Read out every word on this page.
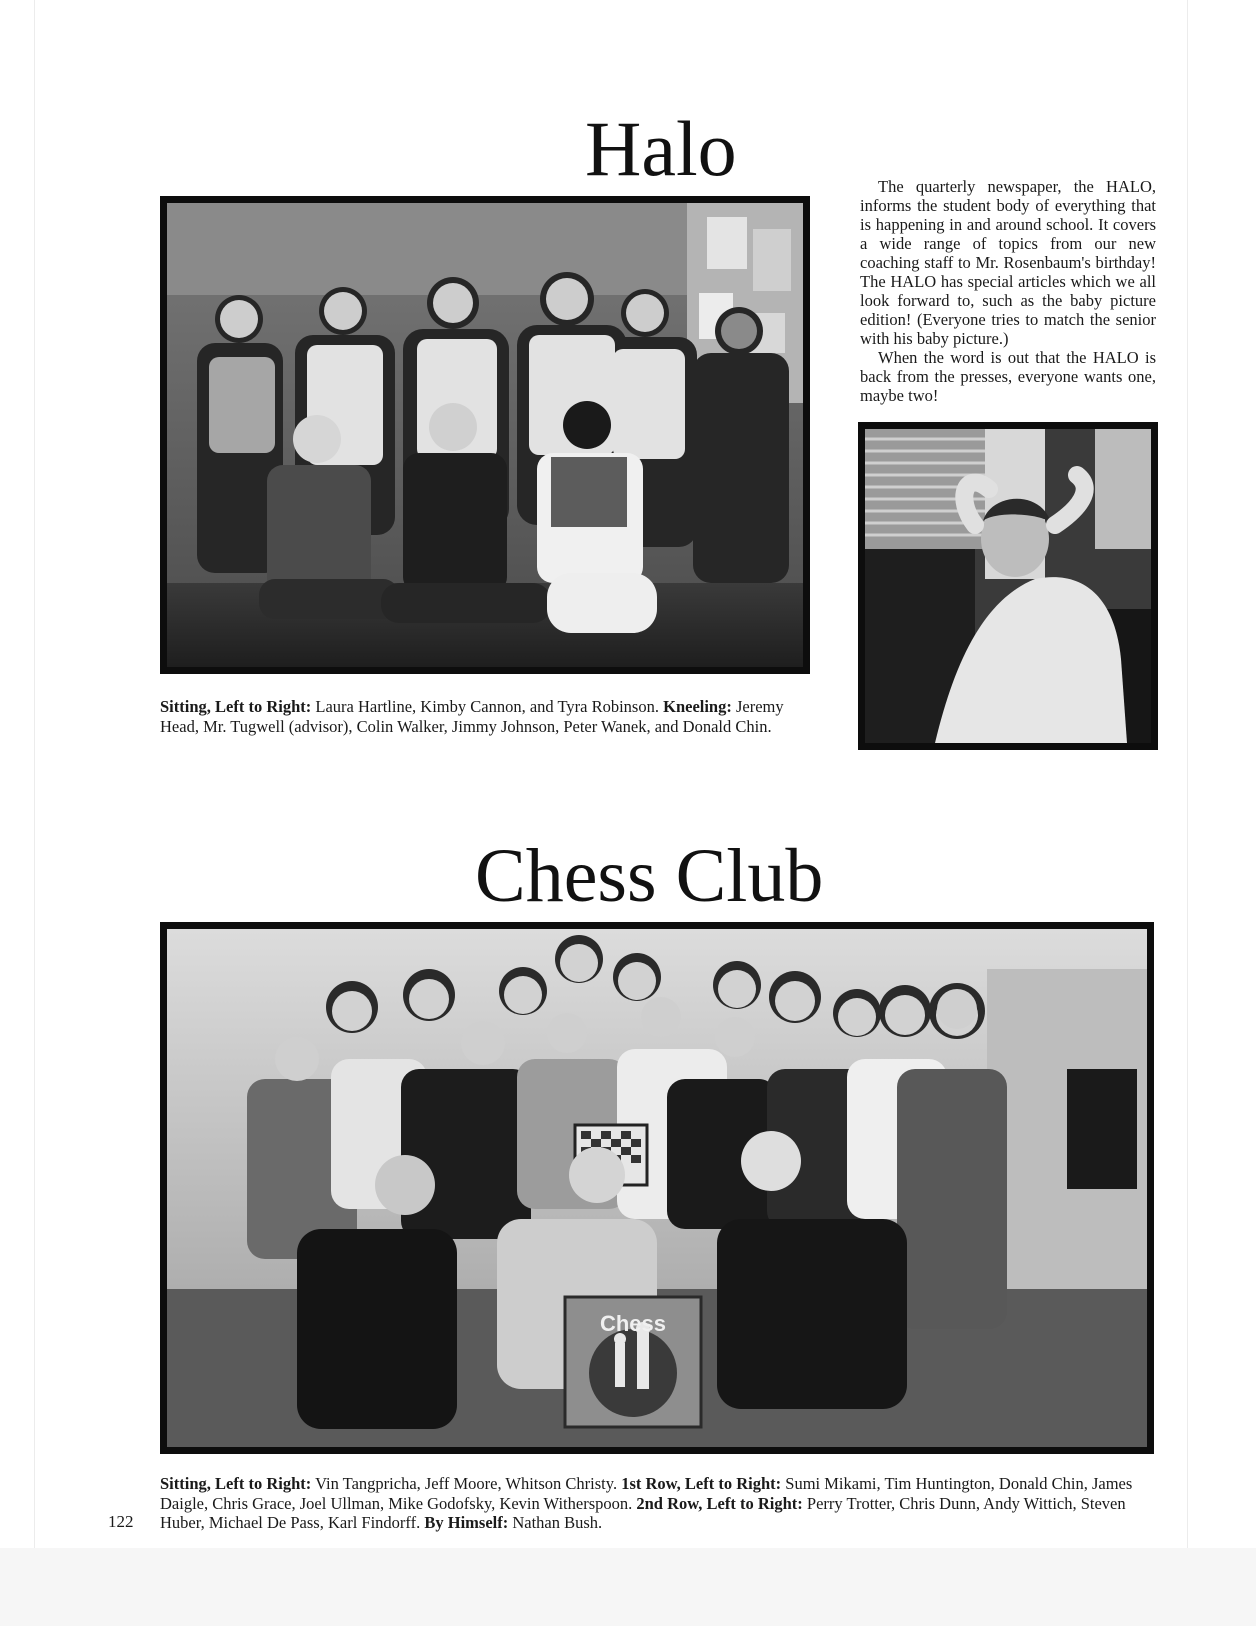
Halo
Sitting, Left to Right: Laura Hartline, Kimby Cannon, and Tyra Robinson. Kneeling: Jeremy Head, Mr. Tugwell (advisor), Colin Walker, Jimmy Johnson, Peter Wanek, and Donald Chin.

The quarterly newspaper, the HALO, informs the student body of everything that is happening in and around school. It covers a wide range of topics from our new coaching staff to Mr. Rosenbaum's birthday! The HALO has special articles which we all look forward to, such as the baby picture edition! (Everyone tries to match the senior with his baby picture.)

When the word is out that the HALO is back from the presses, everyone wants one, maybe two!

Chess Club
Chess
Sitting, Left to Right: Vin Tangpricha, Jeff Moore, Whitson Christy. 1st Row, Left to Right: Sumi Mikami, Tim Huntington, Donald Chin, James Daigle, Chris Grace, Joel Ullman, Mike Godofsky, Kevin Witherspoon. 2nd Row, Left to Right: Perry Trotter, Chris Dunn, Andy Wittich, Steven Huber, Michael De Pass, Karl Findorff. By Himself: Nathan Bush.
122
